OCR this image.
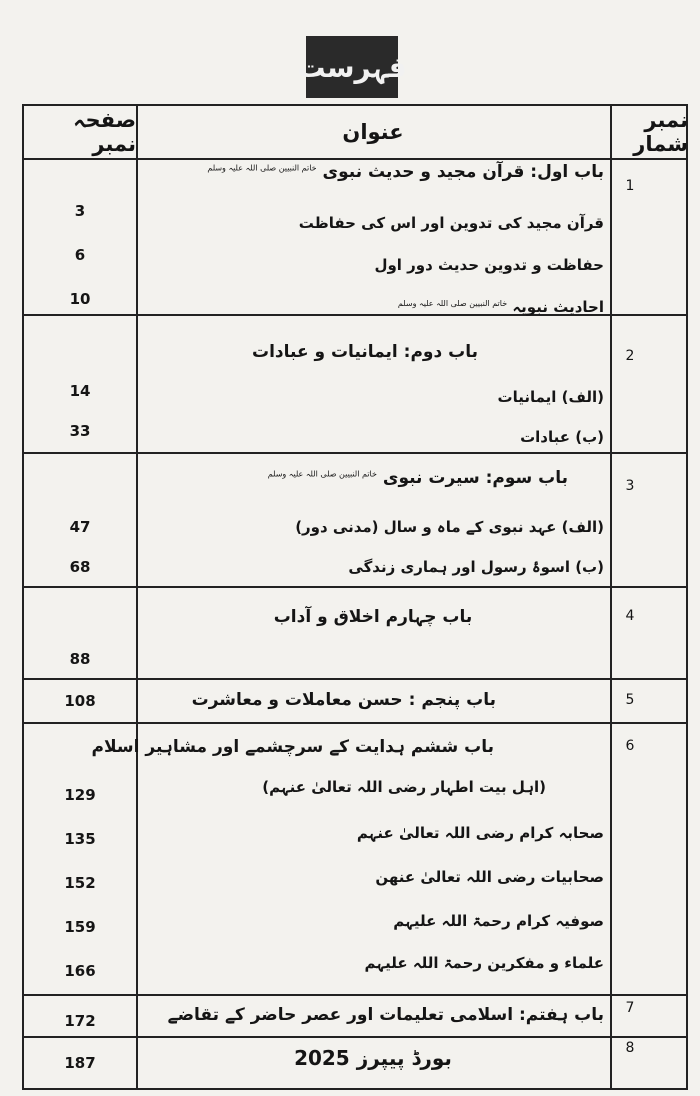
فہرست
نمبر شمار
عنوان
صفحہ نمبر
1
باب اول: قرآن مجید و حدیث نبوی $^{خاتم النبیین صلی اللہ علیہ وسلم}$
قرآن مجید کی تدوین اور اس کی حفاظت
3
حفاظت و تدوین حدیث دور اول
6
احادیث نبویہ $^{خاتم النبیین صلی اللہ علیہ وسلم}$
10
2
باب دوم: ایمانیات و عبادات
(الف) ایمانیات
14
(ب) عبادات
33
3
باب سوم: سیرت نبوی $^{خاتم النبیین صلی اللہ علیہ وسلم}$
(الف) عہد نبوی کے ماہ و سال (مدنی دور)
47
(ب) اسوۂ رسول اور ہماری زندگی
68
4
باب چہارم اخلاق و آداب
88
5
باب پنجم : حسن معاملات و معاشرت
108
6
باب ششم ہدایت کے سرچشمے اور مشاہیر اسلام
(اہل بیت اطہار رضی اللہ تعالیٰ عنہم)
129
صحابہ کرام رضی اللہ تعالیٰ عنہم
135
صحابیات رضی اللہ تعالیٰ عنھن
152
صوفیہ کرام رحمۃ اللہ علیہم
159
علماء و مفکرین رحمۃ اللہ علیہم
166
7
باب ہفتم: اسلامی تعلیمات اور عصر حاضر کے تقاضے
172
8
بورڈ پیپرز 2025
187
